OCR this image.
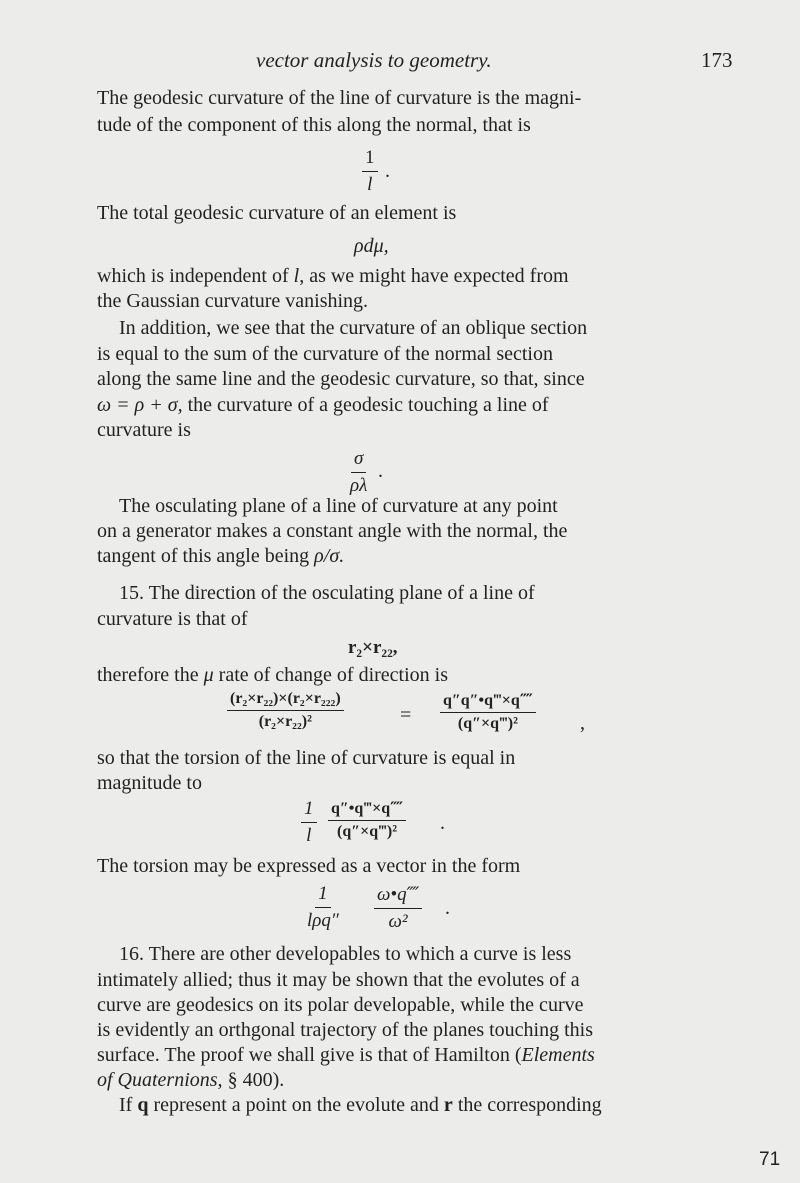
vector analysis to geometry.	173
The geodesic curvature of the line of curvature is the magni-
tude of the component of this along the normal, that is
$\frac{1}{l}$ .
The total geodesic curvature of an element is
ρdμ,
which is independent of l, as we might have expected from
the Gaussian curvature vanishing.
In addition, we see that the curvature of an oblique section
is equal to the sum of the curvature of the normal section
along the same line and the geodesic curvature, so that, since
ω = ρ + σ, the curvature of a geodesic touching a line of
curvature is
$\frac{\sigma}{\rho\lambda}$ .
The osculating plane of a line of curvature at any point
on a generator makes a constant angle with the normal, the
tangent of this angle being ρ/σ.
15. The direction of the osculating plane of a line of
curvature is that of
r₂×r₂₂,
therefore the μ rate of change of direction is
$\frac{\text{(r₂×r₂₂)×(r₂×r₂₂₂)}}{\text{(r₂×r₂₂)²}}$	= $\frac{q''q''•q‴\times q⁗}{\text{(q″×q‴)²}}$ ,
so that the torsion of the line of curvature is equal in
magnitude to
$\frac{1}{l} \frac{q''•q‴\times q⁗}{\text{(q″×q‴)²}}$ .
The torsion may be expressed as a vector in the form
1
$l\rho q'' \frac{\omega•q⁗}{\text{ω²}}$ .
16. There are other developables to which a curve is less
intimately allied; thus it may be shown that the evolutes of a
curve are geodesics on its polar developable, while the curve
is evidently an orthgonal trajectory of the planes touching this
surface. The proof we shall give is that of Hamilton (Elements
of Quaternions, § 400).
If q represent a point on the evolute and r the corresponding
71
